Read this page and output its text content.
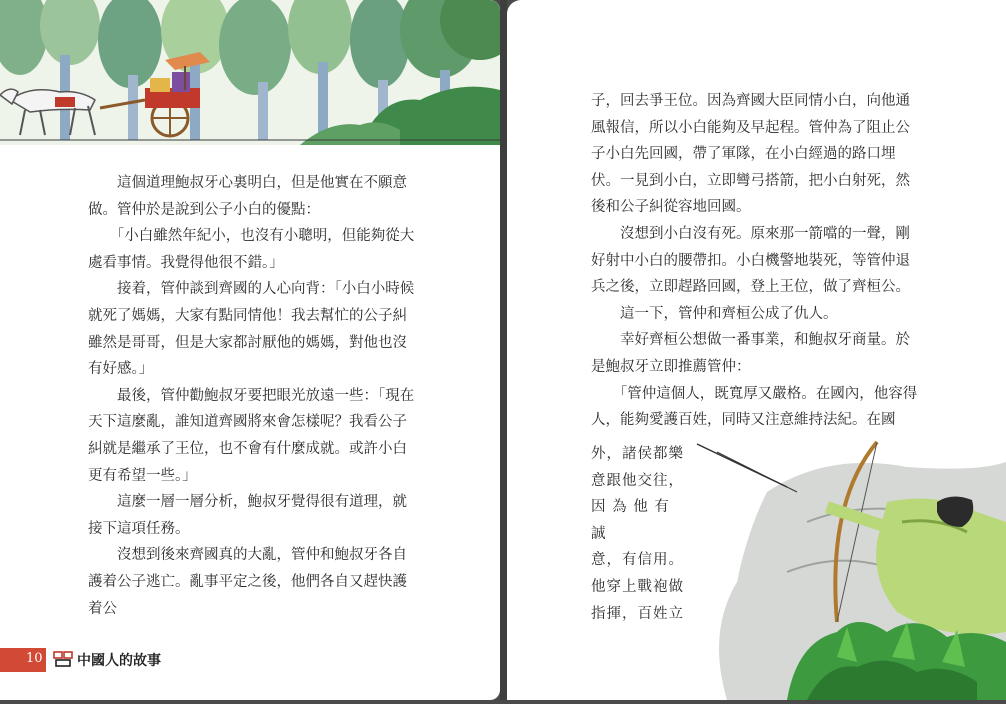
　　這個道理鮑叔牙心裏明白，但是他實在不願意做。管仲於是說到公子小白的優點：

　　「小白雖然年紀小，也沒有小聰明，但能夠從大處看事情。我覺得他很不錯。」

　　接着，管仲談到齊國的人心向背：「小白小時候就死了媽媽，大家有點同情他！我去幫忙的公子糾雖然是哥哥，但是大家都討厭他的媽媽，對他也沒有好感。」

　　最後，管仲勸鮑叔牙要把眼光放遠一些：「現在天下這麼亂，誰知道齊國將來會怎樣呢？我看公子糾就是繼承了王位，也不會有什麼成就。或許小白更有希望一些。」

　　這麼一層一層分析，鮑叔牙覺得很有道理，就接下這項任務。

　　沒想到後來齊國真的大亂，管仲和鮑叔牙各自護着公子逃亡。亂事平定之後，他們各自又趕快護着公

10 中國人的故事

子，回去爭王位。因為齊國大臣同情小白，向他通風報信，所以小白能夠及早起程。管仲為了阻止公子小白先回國，帶了軍隊，在小白經過的路口埋伏。一見到小白，立即彎弓搭箭，把小白射死，然後和公子糾從容地回國。

　　沒想到小白沒有死。原來那一箭噹的一聲，剛好射中小白的腰帶扣。小白機警地裝死，等管仲退兵之後，立即趕路回國，登上王位，做了齊桓公。

　　這一下，管仲和齊桓公成了仇人。

　　幸好齊桓公想做一番事業，和鮑叔牙商量。於是鮑叔牙立即推薦管仲：

　　「管仲這個人，既寬厚又嚴格。在國內，他容得人，能夠愛護百姓，同時又注意維持法紀。在國

外，諸侯都樂

意跟他交往，

因 為 他 有 誠

意，有信用。

他穿上戰袍做

指揮，百姓立
